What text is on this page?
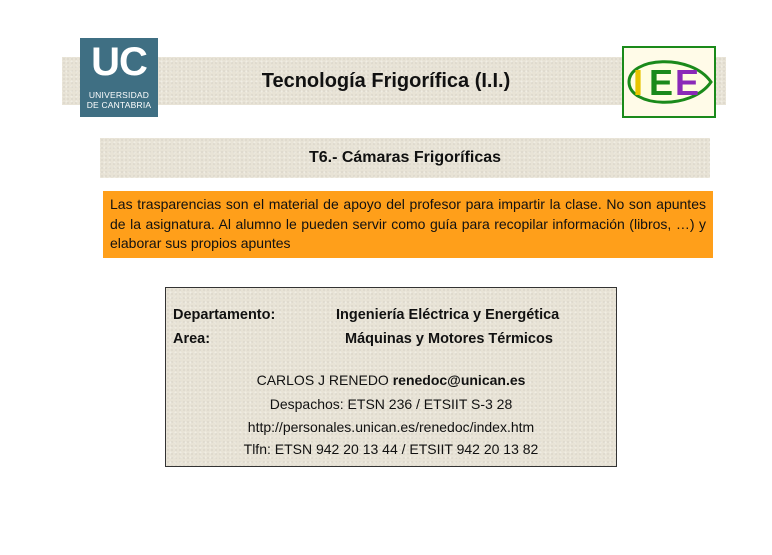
Tecnología Frigorífica (I.I.)
UC
UNIVERSIDAD
DE CANTABRIA
I E E
T6.- Cámaras Frigoríficas
Las trasparencias son el material de apoyo del profesor para impartir la clase. No son apuntes de la asignatura. Al alumno le pueden servir como guía para recopilar información (libros, …) y elaborar sus propios apuntes
Departamento:	Ingeniería Eléctrica y Energética
Area:	Máquinas y Motores Térmicos
CARLOS J RENEDO renedoc@unican.es
Despachos: ETSN 236 / ETSIIT S-3 28
http://personales.unican.es/renedoc/index.htm
Tlfn: ETSN 942 20 13 44 / ETSIIT 942 20 13 82
